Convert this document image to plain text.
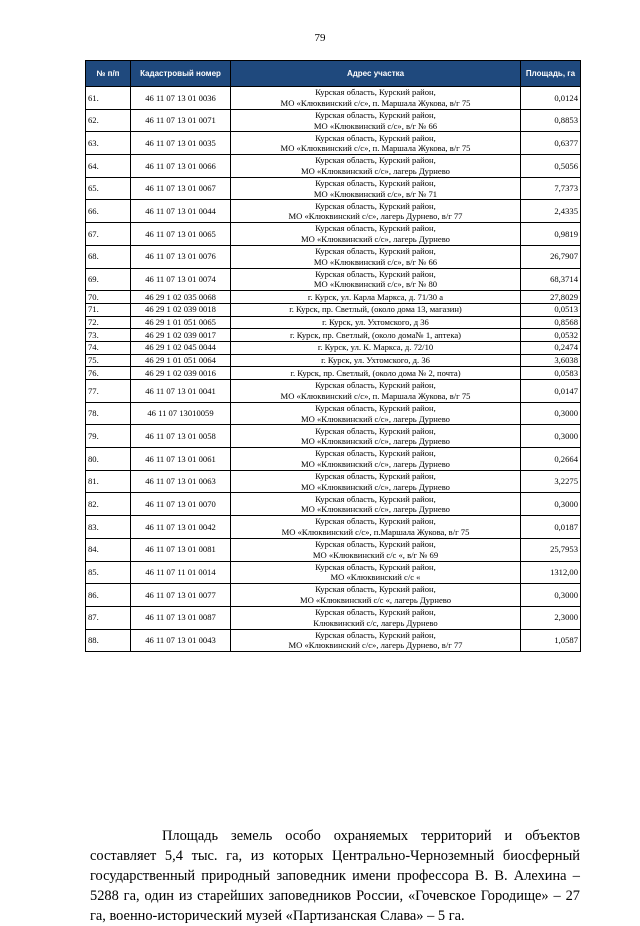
79
№ п/п	Кадастровый номер	Адрес участка	Площадь, га
61.	46 11 07 13 01 0036	Курская область, Курский район,
МО «Клюквинский с/с», п. Маршала Жукова, в/г 75	0,0124
62.	46 11 07 13 01 0071	Курская область, Курский район,
МО «Клюквинский с/с», в/г № 66	0,8853
63.	46 11 07 13 01 0035	Курская область, Курский район,
МО «Клюквинский с/с», п. Маршала Жукова, в/г 75	0,6377
64.	46 11 07 13 01 0066	Курская область, Курский район,
МО «Клюквинский с/с», лагерь Дурнево	0,5056
65.	46 11 07 13 01 0067	Курская область, Курский район,
МО «Клюквинский с/с», в/г № 71	7,7373
66.	46 11 07 13 01 0044	Курская область, Курский район,
МО «Клюквинский с/с», лагерь Дурнево, в/г 77	2,4335
67.	46 11 07 13 01 0065	Курская область, Курский район,
МО «Клюквинский с/с», лагерь Дурнево	0,9819
68.	46 11 07 13 01 0076	Курская область, Курский район,
МО «Клюквинский с/с», в/г № 66	26,7907
69.	46 11 07 13 01 0074	Курская область, Курский район,
МО «Клюквинский с/с», в/г № 80	68,3714
70.	46 29 1 02 035 0068	г. Курск, ул. Карла Маркса, д. 71/30 а	27,8029
71.	46 29 1 02 039 0018	г. Курск, пр. Светлый, (около дома 13, магазин)	0,0513
72.	46 29 1 01 051 0065	г. Курск, ул. Ухтомского, д 36	0,8568
73.	46 29 1 02 039 0017	г. Курск, пр. Светлый, (около дома№ 1, аптека)	0,0532
74.	46 29 1 02 045 0044	г. Курск, ул. К. Маркса, д. 72/10	0,2474
75.	46 29 1 01 051 0064	г. Курск, ул. Ухтомского, д. 36	3,6038
76.	46 29 1 02 039 0016	г. Курск, пр. Светлый, (около дома № 2, почта)	0,0583
77.	46 11 07 13 01 0041	Курская область, Курский район,
МО «Клюквинский с/с», п. Маршала Жукова, в/г 75	0,0147
78.	46 11 07 13010059	Курская область, Курский район,
МО «Клюквинский с/с», лагерь Дурнево	0,3000
79.	46 11 07 13 01 0058	Курская область, Курский район,
МО «Клюквинский с/с», лагерь Дурнево	0,3000
80.	46 11 07 13 01 0061	Курская область, Курский район,
МО «Клюквинский с/с», лагерь Дурнево	0,2664
81.	46 11 07 13 01 0063	Курская область, Курский район,
МО «Клюквинский с/с», лагерь Дурнево	3,2275
82.	46 11 07 13 01 0070	Курская область, Курский район,
МО «Клюквинский с/с», лагерь Дурнево	0,3000
83.	46 11 07 13 01 0042	Курская область, Курский район,
МО «Клюквинский с/с», п.Маршала Жукова, в/г 75	0,0187
84.	46 11 07 13 01 0081	Курская область, Курский район,
МО «Клюквинский с/с «, в/г № 69	25,7953
85.	46 11 07 11 01 0014	Курская область, Курский район,
МО «Клюквинский с/с «	1312,00
86.	46 11 07 13 01 0077	Курская область, Курский район,
МО «Клюквинский с/с «, лагерь Дурнево	0,3000
87.	46 11 07 13 01 0087	Курская область, Курский район,
Клюквинский с/с, лагерь Дурнево	2,3000
88.	46 11 07 13 01 0043	Курская область, Курский район,
МО «Клюквинский с/с», лагерь Дурнево, в/г 77	1,0587

Площадь земель особо охраняемых территорий и объектов составляет 5,4 тыс. га, из которых Центрально-Черноземный биосферный государственный природный заповедник имени профессора В. В. Алехина – 5288 га, один из старейших заповедников России, «Гочевское Городище» – 27 га, военно-исторический музей «Партизанская Слава» – 5 га.
